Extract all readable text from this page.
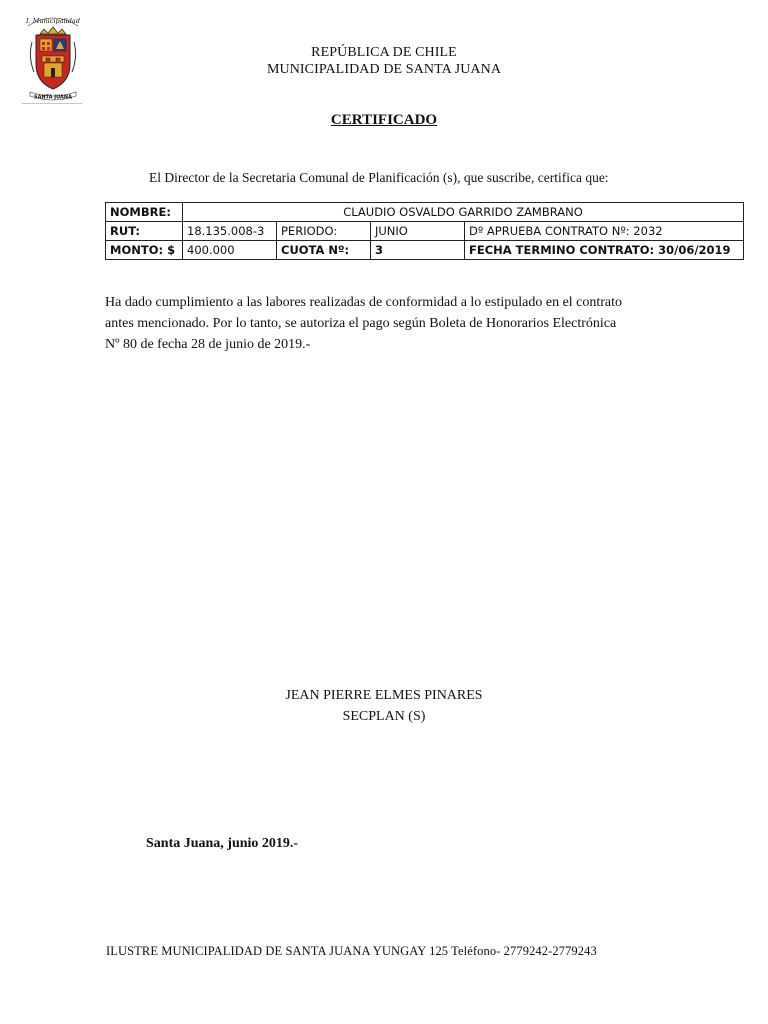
I. Municipalidad
SANTA JUANA
REPÚBLICA DE CHILE
MUNICIPALIDAD DE SANTA JUANA
CERTIFICADO
El Director de la Secretaria Comunal de Planificación (s), que suscribe, certifica que:
NOMBRE:	CLAUDIO OSVALDO GARRIDO ZAMBRANO			
RUT:	18.135.008-3	PERIODO:	JUNIO	Dº APRUEBA CONTRATO Nº: 2032
MONTO: $	400.000	CUOTA Nº:	3	FECHA TERMINO CONTRATO: 30/06/2019
Ha dado cumplimiento a las labores realizadas de conformidad a lo estipulado en el contrato
antes mencionado. Por lo tanto, se autoriza el pago según Boleta de Honorarios Electrónica
Nº 80 de fecha 28 de junio de 2019.-
JEAN PIERRE ELMES PINARES
SECPLAN (S)
Santa Juana, junio 2019.-
ILUSTRE MUNICIPALIDAD DE SANTA JUANA YUNGAY 125 Teléfono- 2779242-2779243
